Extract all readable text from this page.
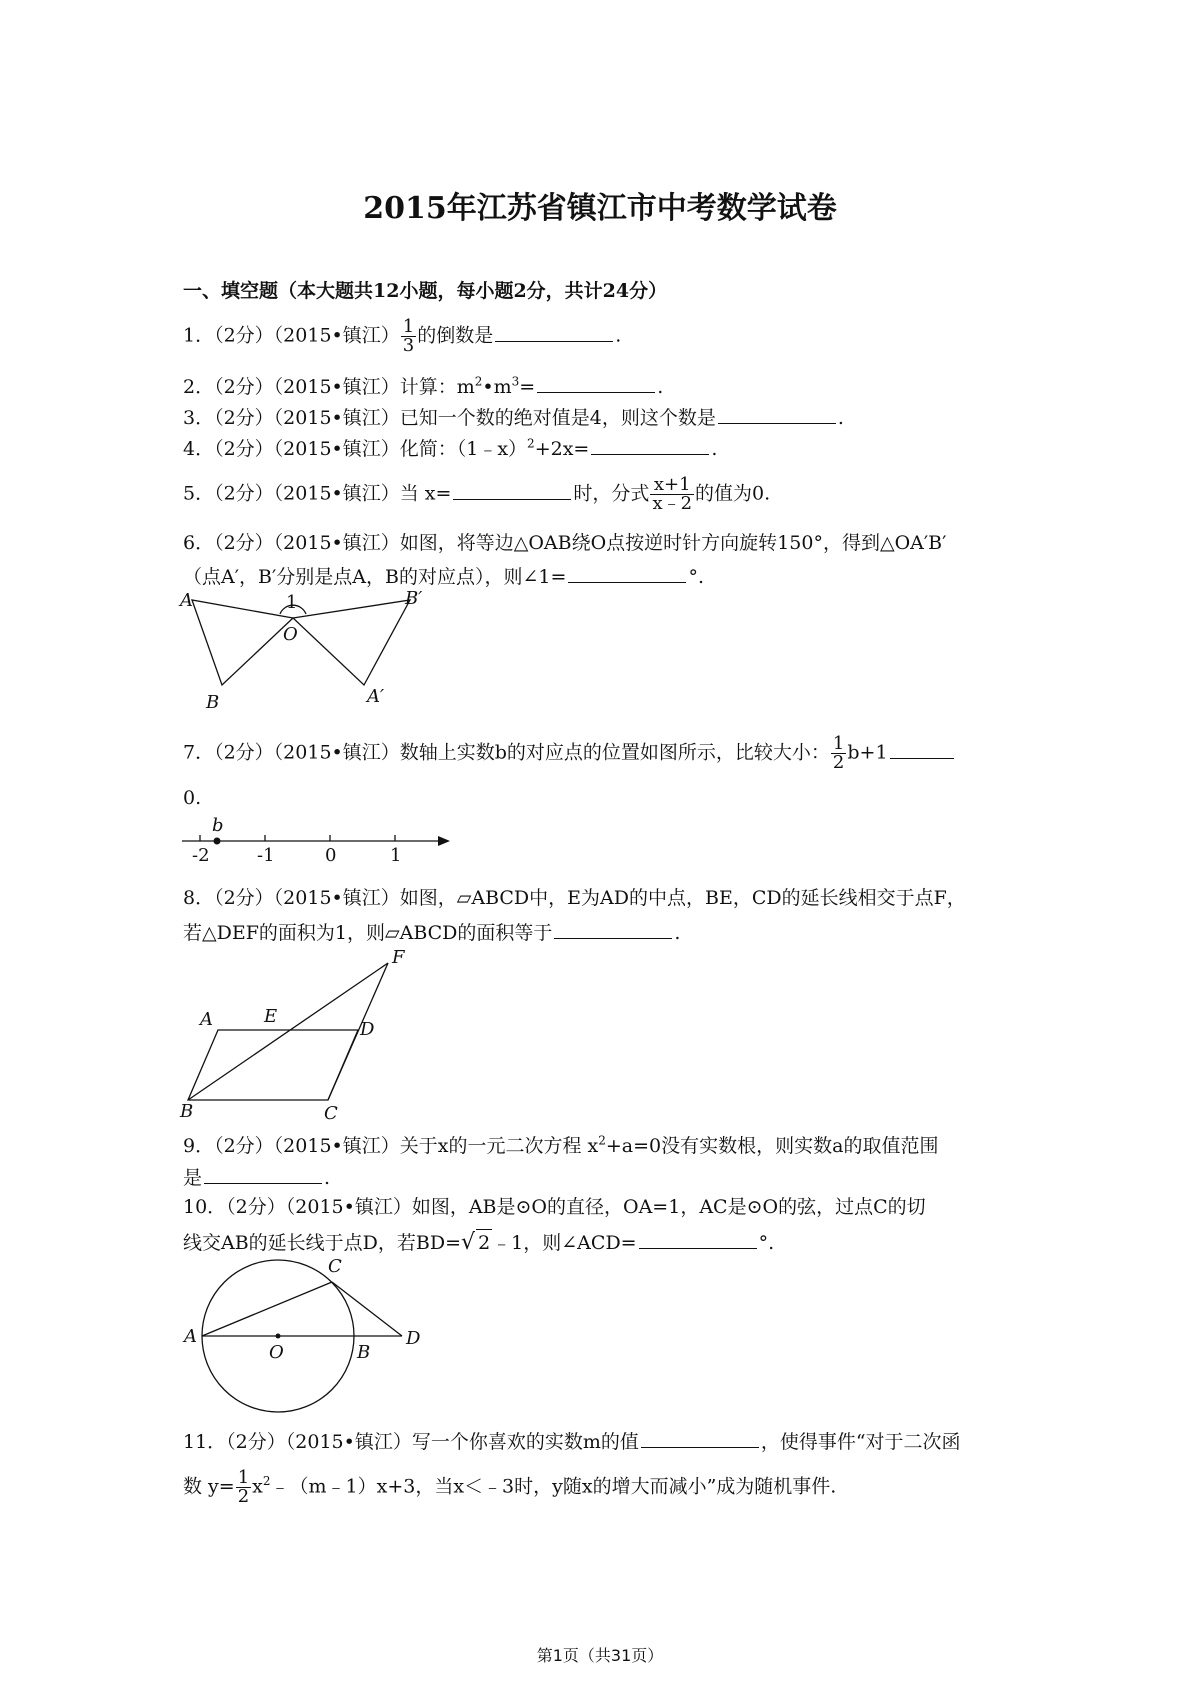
2015年江苏省镇江市中考数学试卷
一、填空题（本大题共12小题，每小题2分，共计24分）
1．（2分）（2015•镇江） $\frac{1}{3}$ 的倒数是	.
2．（2分）（2015•镇江）计算：$m^2•m^3=$	.
3．（2分）（2015•镇江）已知一个数的绝对值是4，则这个数是	.
4．（2分）（2015•镇江）化简：（1﹣x）$^2$+2x=	.
5．（2分）（2015•镇江）当 x=	时，分式 $\frac{x+1}{x﹣2}$ 的值为0.
6．（2分）（2015•镇江）如图，将等边△OAB绕O点按逆时针方向旋转150°，得到△OA′B′
（点A′，B′分别是点A，B的对应点），则∠1=	°.
A
B
O
1
A′
B′
7．（2分）（2015•镇江）数轴上实数b的对应点的位置如图所示，比较大小： $\frac{1}{2} b+1$
0.
b
-2	-1	0	1
8．（2分）（2015•镇江）如图，▱ABCD中，E为AD的中点，BE，CD的延长线相交于点F，
若△DEF的面积为1，则▱ABCD的面积等于	.
A	E
D
F
B	C
9．（2分）（2015•镇江）关于x的一元二次方程 $x^2+a=0$没有实数根，则实数a的取值范围
是	.
10．（2分）（2015•镇江）如图，AB是⊙O的直径，OA=1，AC是⊙O的弦，过点C的切
线交AB的延长线于点D，若BD=√ 2 ﹣1，则∠ACD=	°.
A
O	B
C
D
11．（2分）（2015•镇江）写一个你喜欢的实数m的值	，使得事件“对于二次函
数 $y= \frac{1}{2}$ $x^2﹣(m﹣1)x+3$，当x＜﹣3时，y随x的增大而减小”成为随机事件.
第1页（共31页）
